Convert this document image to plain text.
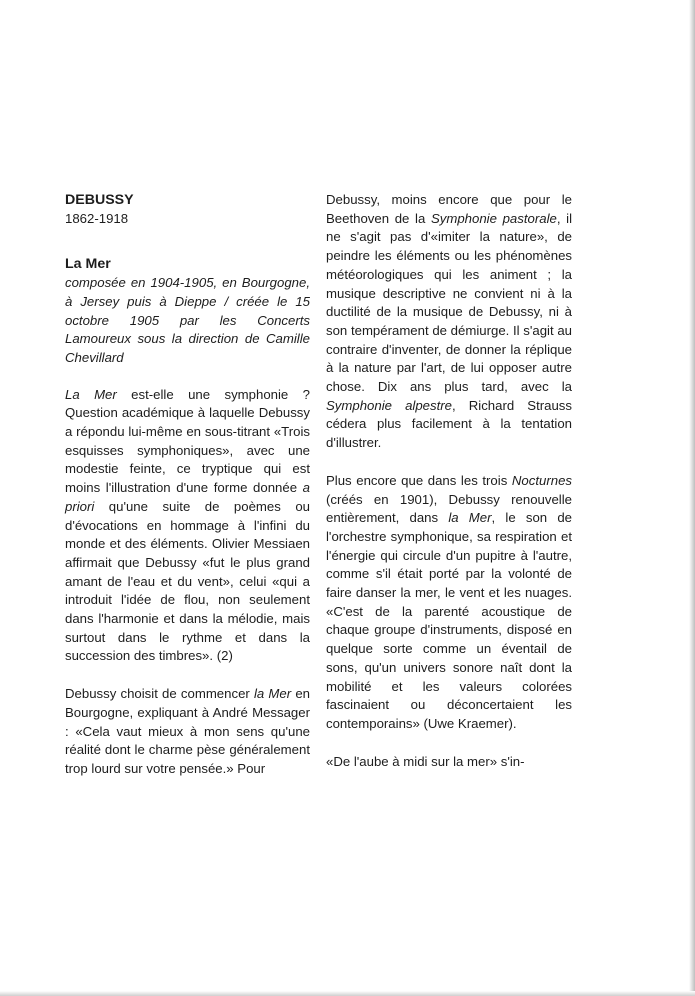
DEBUSSY
1862-1918
La Mer
composée en 1904-1905, en Bourgogne, à Jersey puis à Dieppe / créée le 15 octobre 1905 par les Concerts Lamoureux sous la direction de Camille Chevillard

La Mer est-elle une symphonie ? Question académique à laquelle Debussy a répondu lui-même en sous-titrant «Trois esquisses symphoniques», avec une modestie feinte, ce tryptique qui est moins l'illustration d'une forme donnée a priori qu'une suite de poèmes ou d'évocations en hommage à l'infini du monde et des éléments. Olivier Messiaen affirmait que Debussy «fut le plus grand amant de l'eau et du vent», celui «qui a introduit l'idée de flou, non seulement dans l'harmonie et dans la mélodie, mais surtout dans le rythme et dans la succession des timbres». (2)

Debussy choisit de commencer la Mer en Bourgogne, expliquant à André Messager : «Cela vaut mieux à mon sens qu'une réalité dont le charme pèse généralement trop lourd sur votre pensée.» Pour

Debussy, moins encore que pour le Beethoven de la Symphonie pastorale, il ne s'agit pas d'«imiter la nature», de peindre les éléments ou les phénomènes météorologiques qui les animent ; la musique descriptive ne convient ni à la ductilité de la musique de Debussy, ni à son tempérament de démiurge. Il s'agit au contraire d'inventer, de donner la réplique à la nature par l'art, de lui opposer autre chose. Dix ans plus tard, avec la Symphonie alpestre, Richard Strauss cédera plus facilement à la tentation d'illustrer.

Plus encore que dans les trois Nocturnes (créés en 1901), Debussy renouvelle entièrement, dans la Mer, le son de l'orchestre symphonique, sa respiration et l'énergie qui circule d'un pupitre à l'autre, comme s'il était porté par la volonté de faire danser la mer, le vent et les nuages. «C'est de la parenté acoustique de chaque groupe d'instruments, disposé en quelque sorte comme un éventail de sons, qu'un univers sonore naît dont la mobilité et les valeurs colorées fascinaient ou déconcertaient les contemporains» (Uwe Kraemer).

«De l'aube à midi sur la mer» s'in-
